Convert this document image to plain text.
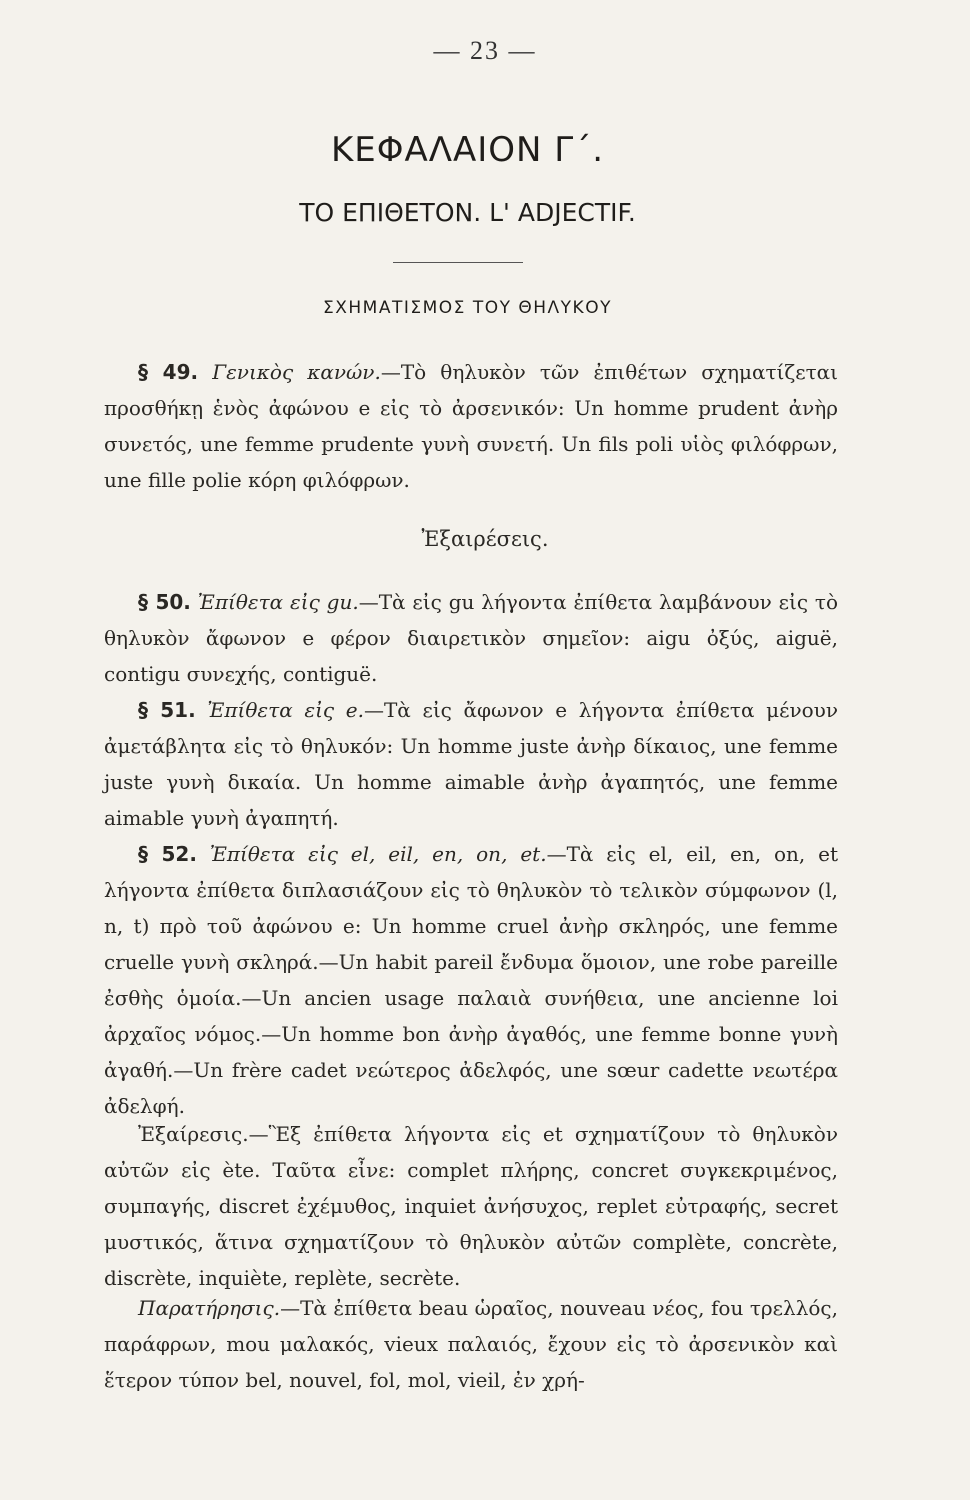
— 23 —
ΚΕΦΑΛΑΙΟΝ Γ΄.
ΤΟ ΕΠΙΘΕΤΟΝ. L' ADJECTIF.
ΣΧΗΜΑΤΙΣΜΟΣ ΤΟΥ ΘΗΛΥΚΟΥ
§ 49. Γενικὸς κανών.—Τὸ θηλυκὸν τῶν ἐπιθέτων σχηματίζεται προσθήκῃ ἑνὸς ἀφώνου e εἰς τὸ ἀρσενικόν: Un homme prudent ἀνὴρ συνετός, une femme prudente γυνὴ συνετή. Un fils poli υἱὸς φιλόφρων, une fille polie κόρη φιλόφρων.
Ἐξαιρέσεις.
§ 50. Ἐπίθετα εἰς gu.—Τὰ εἰς gu λήγοντα ἐπίθετα λαμβάνουν εἰς τὸ θηλυκὸν ἄφωνον e φέρον διαιρετικὸν σημεῖον: aigu ὀξύς, aiguë, contigu συνεχής, contiguë.
§ 51. Ἐπίθετα εἰς e.—Τὰ εἰς ἄφωνον e λήγοντα ἐπίθετα μένουν ἀμετάβλητα εἰς τὸ θηλυκόν: Un homme juste ἀνὴρ δίκαιος, une femme juste γυνὴ δικαία. Un homme aimable ἀνὴρ ἀγαπητός, une femme aimable γυνὴ ἀγαπητή.
§ 52. Ἐπίθετα εἰς el, eil, en, on, et.—Τὰ εἰς el, eil, en, on, et λήγοντα ἐπίθετα διπλασιάζουν εἰς τὸ θηλυκὸν τὸ τελικὸν σύμφωνον (l, n, t) πρὸ τοῦ ἀφώνου e: Un homme cruel ἀνὴρ σκληρός, une femme cruelle γυνὴ σκληρά.—Un habit pareil ἔνδυμα ὅμοιον, une robe pareille ἐσθὴς ὁμοία.—Un ancien usage παλαιὰ συνήθεια, une ancienne loi ἀρχαῖος νόμος.—Un homme bon ἀνὴρ ἀγαθός, une femme bonne γυνὴ ἀγαθή.—Un frère cadet νεώτερος ἀδελφός, une sœur cadette νεωτέρα ἀδελφή.
Ἐξαίρεσις.—Ἓξ ἐπίθετα λήγοντα εἰς et σχηματίζουν τὸ θηλυκὸν αὐτῶν εἰς ète. Ταῦτα εἶνε: complet πλήρης, concret συγκεκριμένος, συμπαγής, discret ἐχέμυθος, inquiet ἀνήσυχος, replet εὐτραφής, secret μυστικός, ἅτινα σχηματίζουν τὸ θηλυκὸν αὐτῶν complète, concrète, discrète, inquiète, replète, secrète.
Παρατήρησις.—Τὰ ἐπίθετα beau ὡραῖος, nouveau νέος, fou τρελλός, παράφρων, mou μαλακός, vieux παλαιός, ἔχουν εἰς τὸ ἀρσενικὸν καὶ ἕτερον τύπον bel, nouvel, fol, mol, vieil, ἐν χρή-
